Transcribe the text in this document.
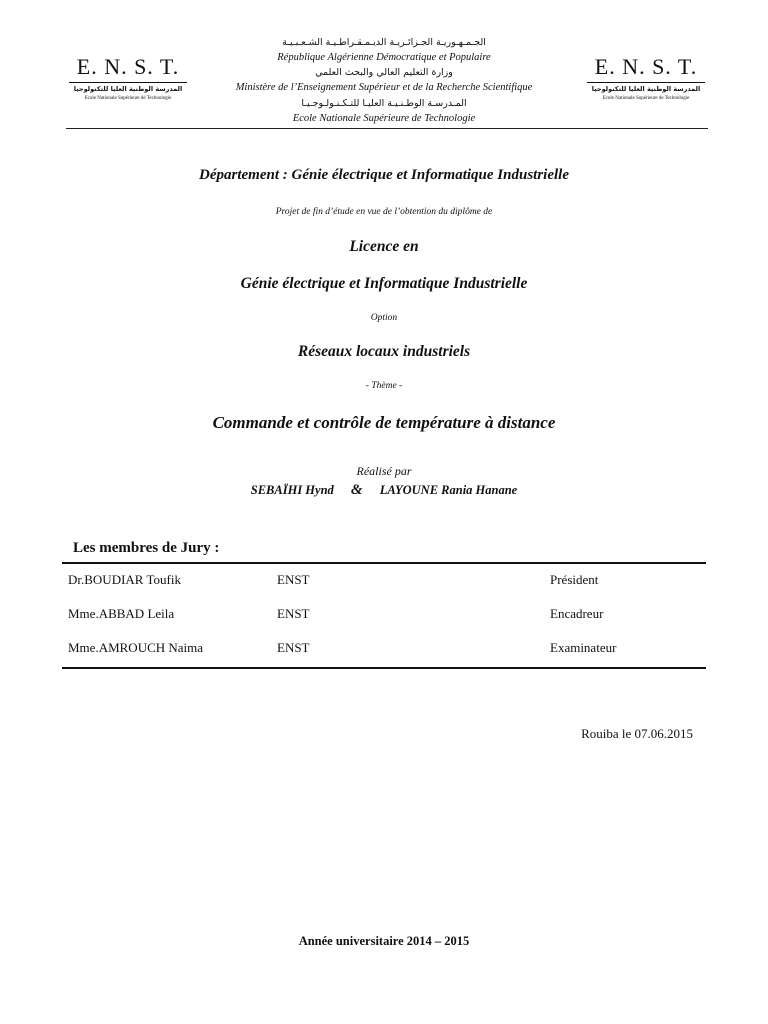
E. N. S. T.
المدرسة الوطنية العليا للتكنولوجيا
Ecole Nationale Supérieure de Technologie
E. N. S. T.
المدرسة الوطنية العليا للتكنولوجيا
Ecole Nationale Supérieure de Technologie
الجـمـهـوريـة الجـزائـريـة الديـمـقـراطـيـة الشـعـبـيـة
République Algérienne Démocratique et Populaire
وزارة التعليم العالي والبحث العلمي
Ministère de l’Enseignement Supérieur et de la Recherche Scientifique
المـدرسـة الوطـنـيـة العليـا للتـكـنـولـوجـيـا
Ecole Nationale Supérieure de Technologie
Département : Génie électrique et Informatique Industrielle
Projet de fin d’étude en vue de l’obtention du diplôme de
Licence en
Génie électrique et Informatique Industrielle
Option
Réseaux locaux industriels
- Thème -
Commande et contrôle de température à distance
Réalisé par
SEBAÏHI Hynd & LAYOUNE Rania Hanane
Les membres de Jury :
Dr.BOUDIAR Toufik	ENST	Président
Mme.ABBAD Leila	ENST	Encadreur
Mme.AMROUCH Naima	ENST	Examinateur
Rouiba le 07.06.2015
Année universitaire 2014 – 2015
